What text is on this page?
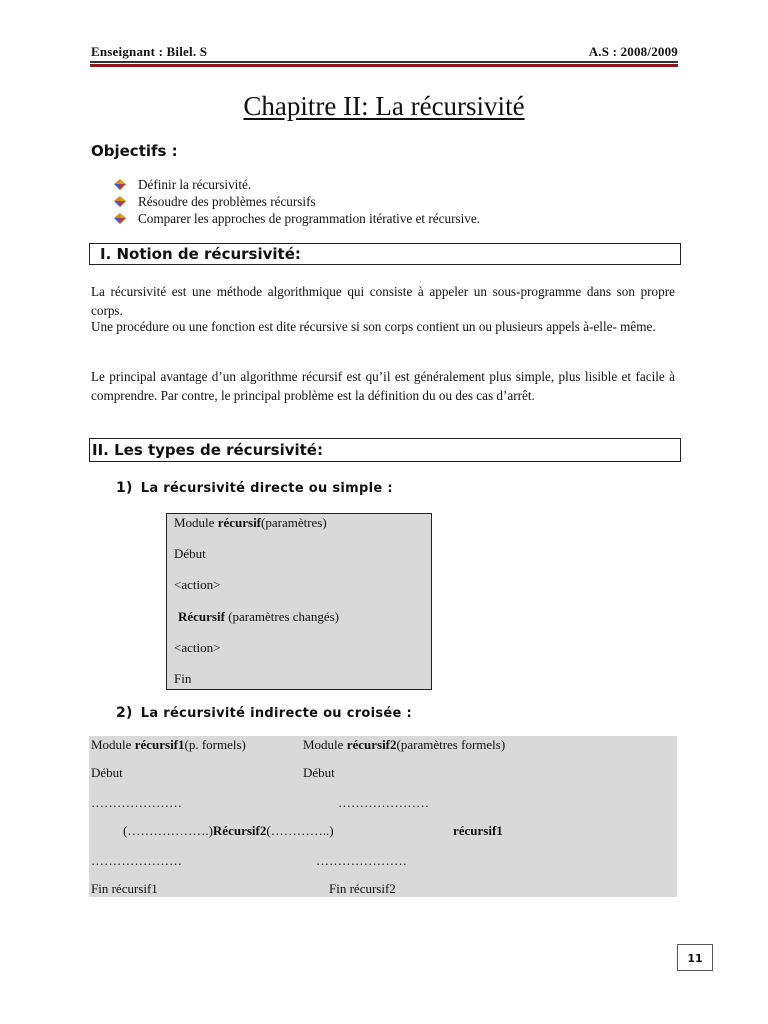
Enseignant : Bilel. S	A.S : 2008/2009
Chapitre II: La récursivité
Objectifs :
Définir la récursivité.
Résoudre des problèmes récursifs
Comparer les approches de programmation itérative et récursive.
I. Notion de récursivité:
La récursivité est une méthode algorithmique qui consiste à appeler un sous-programme dans son propre corps.
Une procédure ou une fonction est dite récursive si son corps contient un ou plusieurs appels à-elle- même.
Le principal avantage d’un algorithme récursif est qu’il est généralement plus simple, plus lisible et facile à comprendre. Par contre, le principal problème est la définition du ou des cas d’arrêt.
II. Les types de récursivité:
1) La récursivité directe ou simple :
Module récursif(paramètres)
Début
<action>
Récursif (paramètres changés)
<action>
Fin
2) La récursivité indirecte ou croisée :
Module récursif1(p. formels)	Module récursif2(paramètres formels)
Début	Début
…………………	…………………
(……………….)Récursif2(…………..)	récursif1
…………………	…………………
Fin récursif1	Fin récursif2
11
